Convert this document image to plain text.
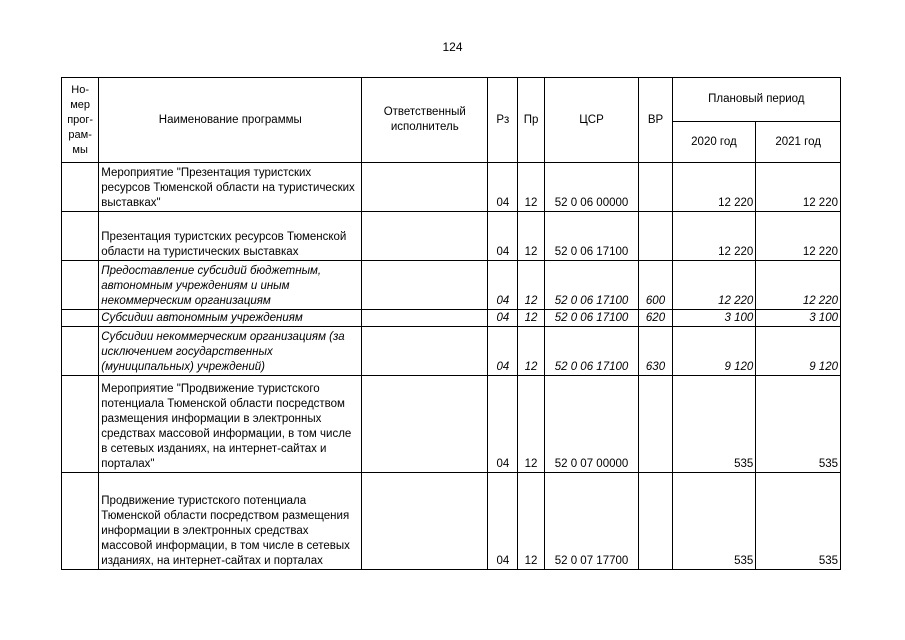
124
Но-
мер
прог-
рам-
мы	Наименование программы	Ответственный исполнитель	Рз	Пр	ЦСР	ВР	Плановый период	
							2020 год	2021 год
	Мероприятие "Презентация туристских ресурсов Тюменской области на туристических выставках"		04	12	52 0 06 00000		12 220	12 220
	Презентация туристских ресурсов Тюменской области на туристических выставках		04	12	52 0 06 17100		12 220	12 220
	Предоставление субсидий бюджетным, автономным учреждениям и иным некоммерческим организациям		04	12	52 0 06 17100	600	12 220	12 220
	Субсидии автономным учреждениям		04	12	52 0 06 17100	620	3 100	3 100
	Субсидии некоммерческим организациям (за исключением государственных (муниципальных) учреждений)		04	12	52 0 06 17100	630	9 120	9 120
	Мероприятие "Продвижение туристского потенциала Тюменской области посредством размещения информации в электронных средствах массовой информации, в том числе в сетевых изданиях, на интернет-сайтах и порталах"		04	12	52 0 07 00000		535	535
	Продвижение туристского потенциала Тюменской области посредством размещения информации в электронных средствах массовой информации, в том числе в сетевых изданиях, на интернет-сайтах и порталах		04	12	52 0 07 17700		535	535
